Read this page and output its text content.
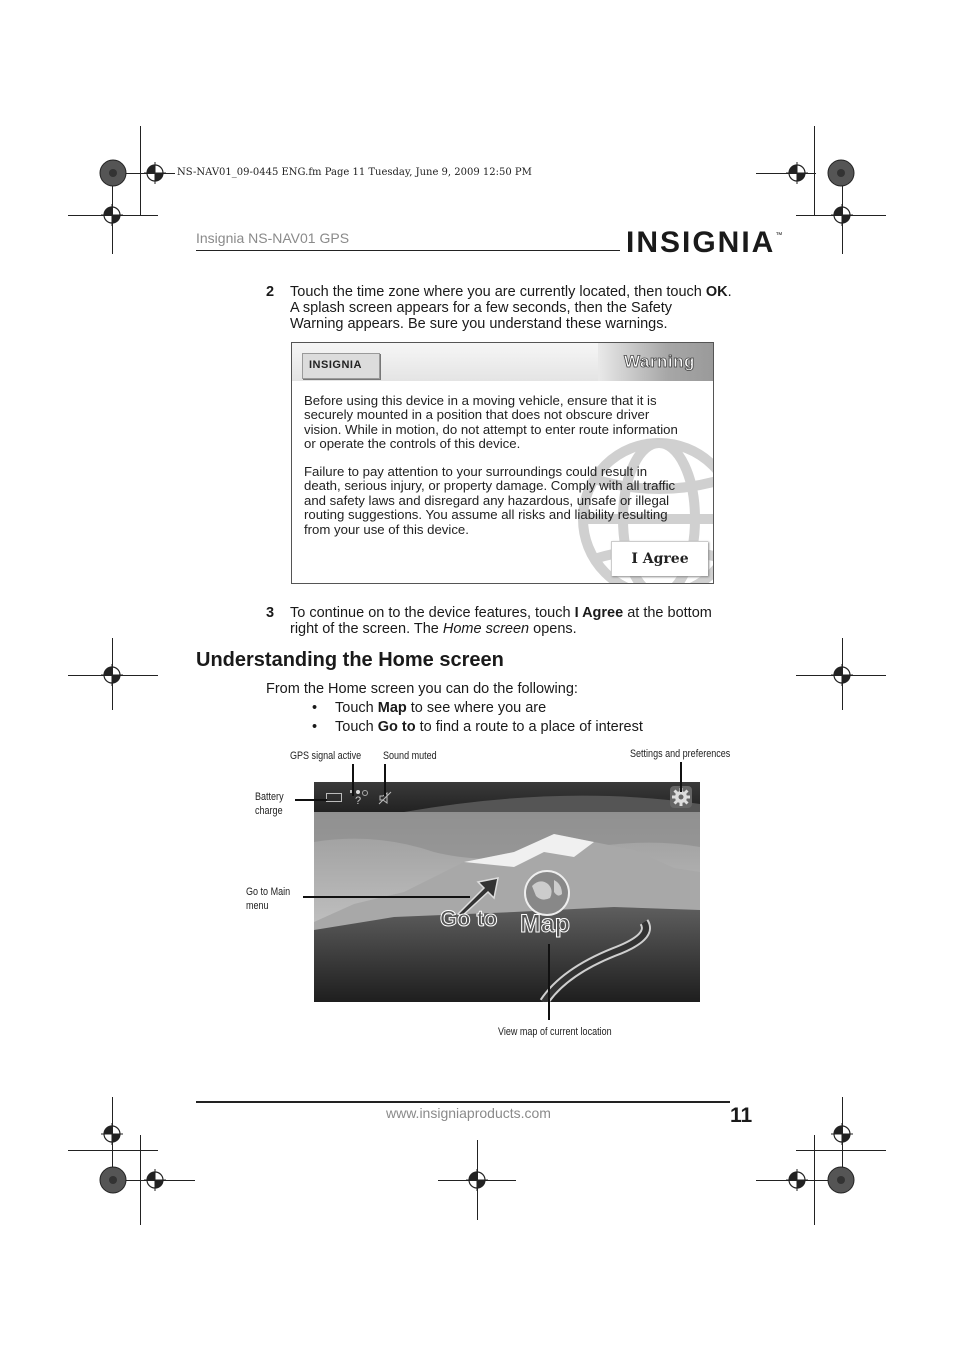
NS-NAV01_09-0445 ENG.fm Page 11 Tuesday, June 9, 2009 12:50 PM
Insignia NS-NAV01 GPS	INSIGNIA™
2 Touch the time zone where you are currently located, then touch OK.
A splash screen appears for a few seconds, then the Safety
Warning appears. Be sure you understand these warnings.
INSIGNIA	Warning
Before using this device in a moving vehicle, ensure that it is
securely mounted in a position that does not obscure driver
vision. While in motion, do not attempt to enter route information
or operate the controls of this device.
Failure to pay attention to your surroundings could result in
death, serious injury, or property damage. Comply with all traffic
and safety laws and disregard any hazardous, unsafe or illegal
routing suggestions. You assume all risks and liability resulting
from your use of this device.
I Agree
3 To continue on to the device features, touch I Agree at the bottom
right of the screen. The Home screen opens.
Understanding the Home screen
From the Home screen you can do the following:
• Touch Map to see where you are
• Touch Go to to find a route to a place of interest
GPS signal active Sound muted	Settings and preferences
Battery
charge
Go to Main
menu
View map of current location
?
Go to Map
www.insigniaproducts.com	11
